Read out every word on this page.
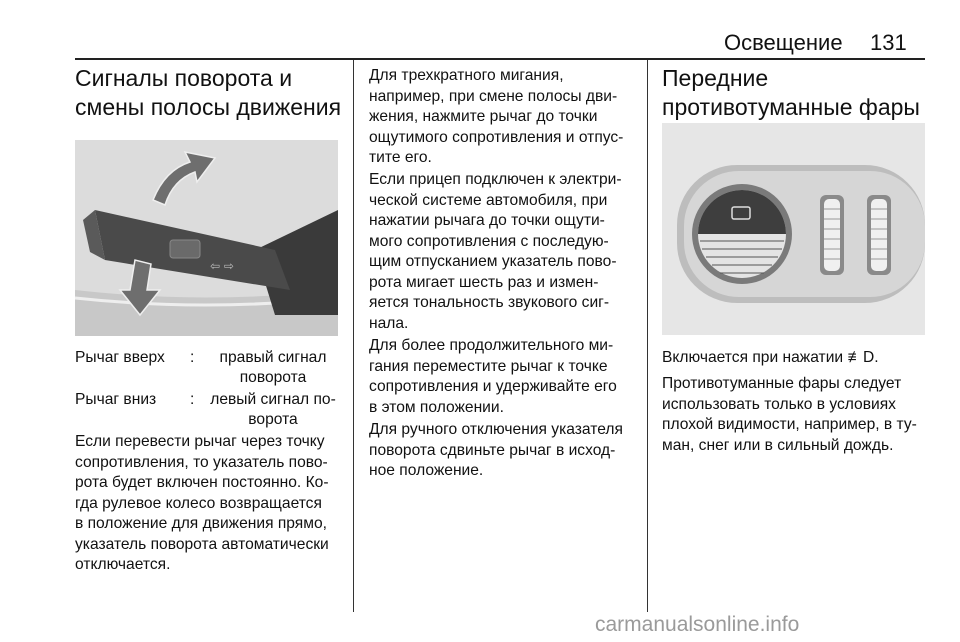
Освещение 131
Сигналы поворота и
смены полосы движения
⇦ ⇨
Рычаг вверх :	правый сигнал
поворота
Рычаг вниз : левый сигнал по-
ворота

Если перевести рычаг через точку
сопротивления, то указатель пово-
рота будет включен постоянно. Ко-
гда рулевое колесо возвращается
в положение для движения прямо,
указатель поворота автоматически
отключается.

Для трехкратного мигания,
например, при смене полосы дви-
жения, нажмите рычаг до точки
ощутимого сопротивления и отпус-
тите его.

Если прицеп подключен к электри-
ческой системе автомобиля, при
нажатии рычага до точки ощути-
мого сопротивления с последую-
щим отпусканием указатель пово-
рота мигает шесть раз и измен-
яется тональность звукового сиг-
нала.

Для более продолжительного ми-
гания переместите рычаг к точке
сопротивления и удерживайте его
в этом положении.

Для ручного отключения указателя
поворота сдвиньте рычаг в исход-
ное положение.

Передние
противотуманные фары

Включается при нажатии ≢D.

Противотуманные фары следует
использовать только в условиях
плохой видимости, например, в ту-
ман, снег или в сильный дождь.

carmanualsonline.info
